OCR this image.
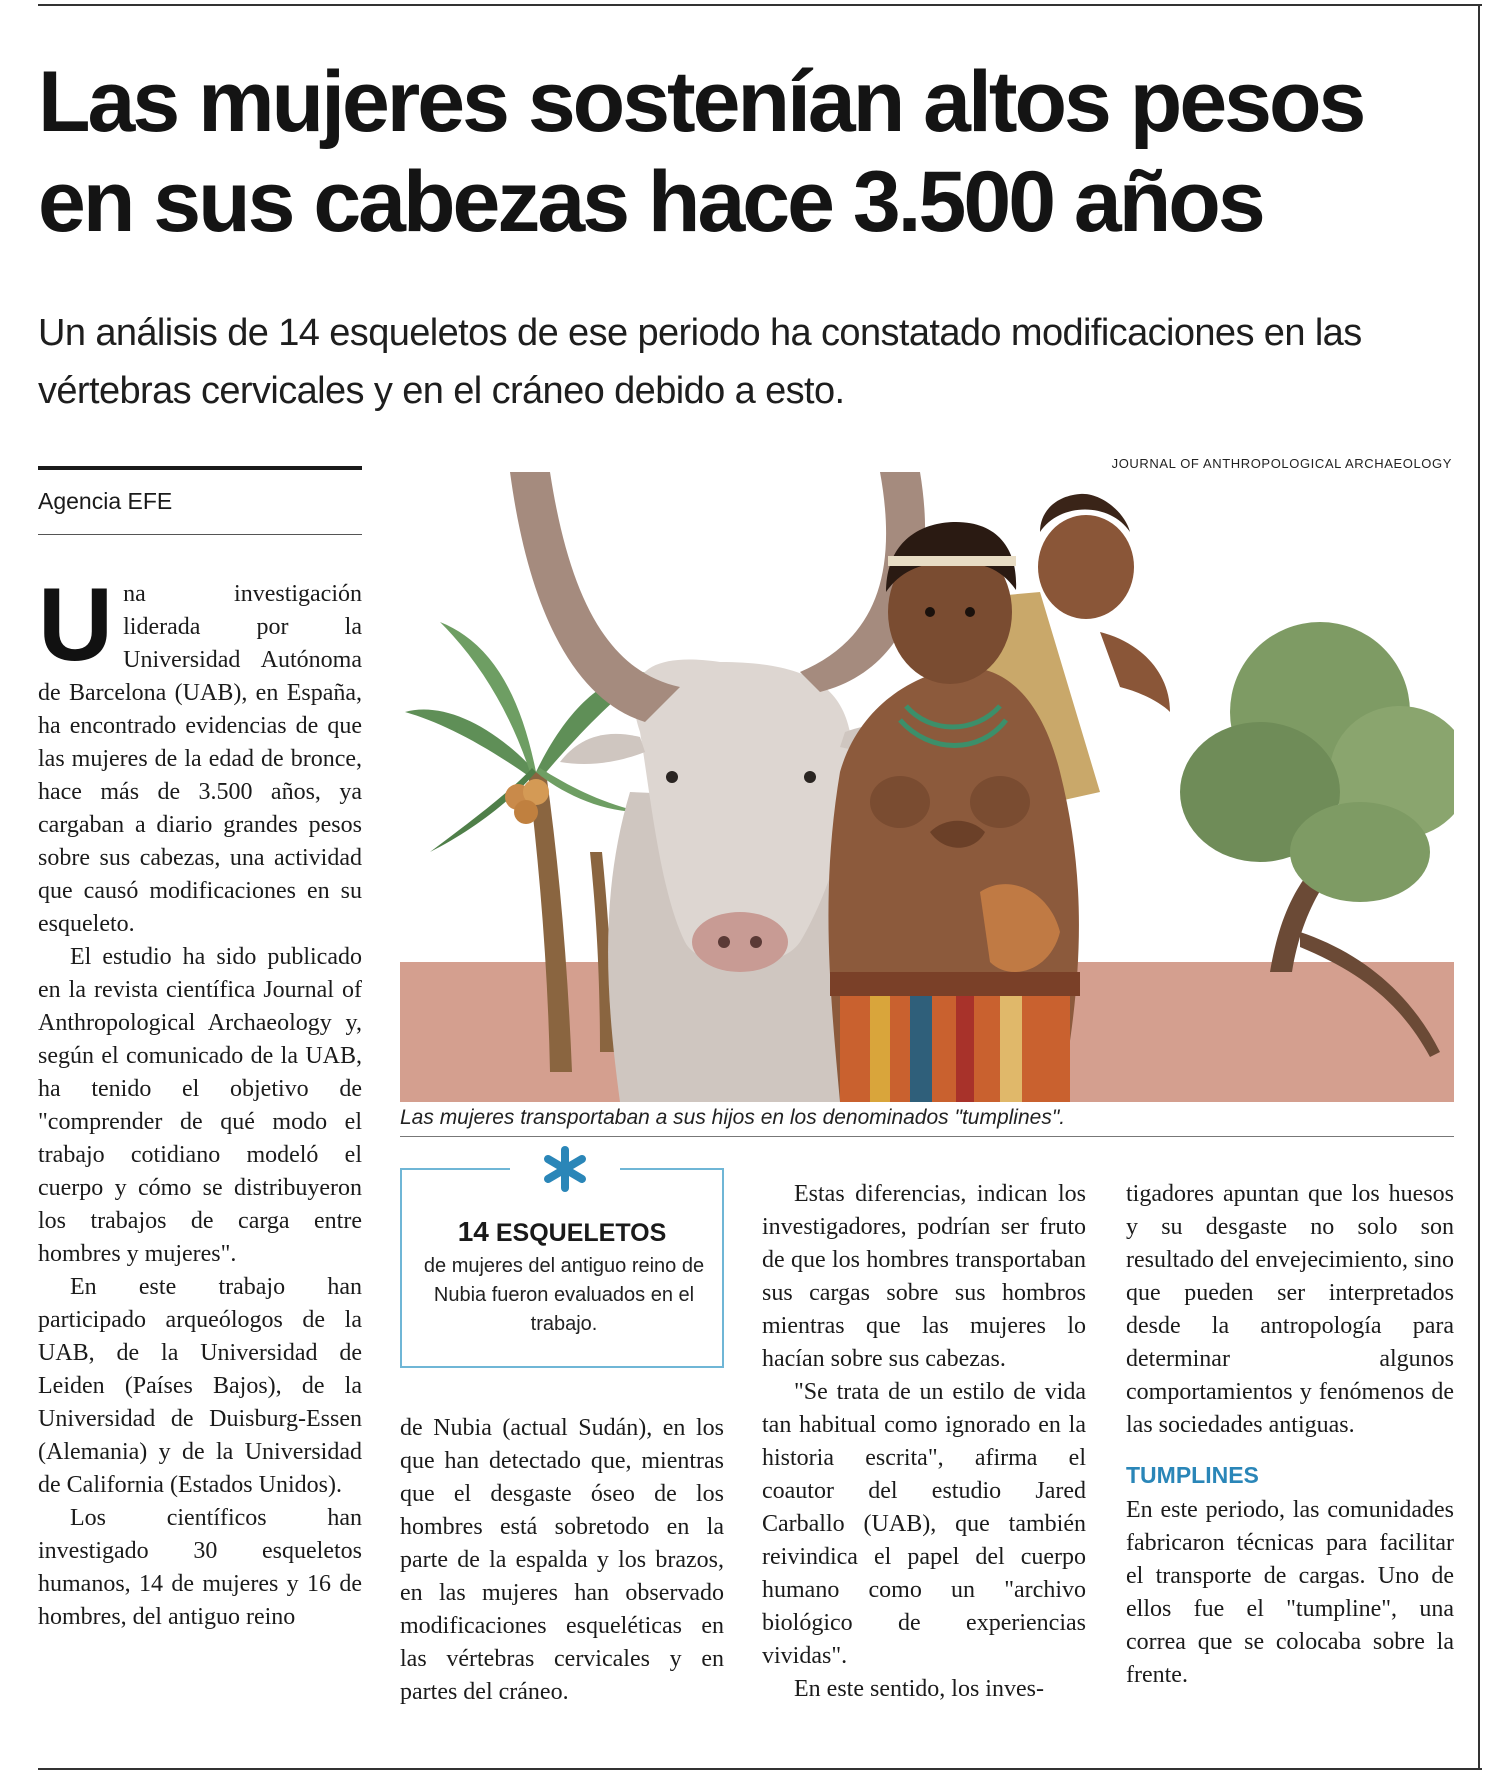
Las mujeres sostenían altos pesos en sus cabezas hace 3.500 años

Un análisis de 14 esqueletos de ese periodo ha constatado modificaciones en las vértebras cervicales y en el cráneo debido a esto.

Agencia EFE
JOURNAL OF ANTHROPOLOGICAL ARCHAEOLOGY
Las mujeres transportaban a sus hijos en los denominados "tumplines".

Una investigación liderada por la Universidad Autónoma de Barcelona (UAB), en España, ha encontrado evidencias de que las mujeres de la edad de bronce, hace más de 3.500 años, ya cargaban a diario grandes pesos sobre sus cabezas, una actividad que causó modificaciones en su esqueleto.

El estudio ha sido publicado en la revista científica Journal of Anthropological Archaeology y, según el comunicado de la UAB, ha tenido el objetivo de "comprender de qué modo el trabajo cotidiano modeló el cuerpo y cómo se distribuyeron los trabajos de carga entre hombres y mujeres".

En este trabajo han participado arqueólogos de la UAB, de la Universidad de Leiden (Países Bajos), de la Universidad de Duisburg-Essen (Alemania) y de la Universidad de California (Estados Unidos).

Los científicos han investigado 30 esqueletos humanos, 14 de mujeres y 16 de hombres, del antiguo reino

14 ESQUELETOS
de mujeres del antiguo reino de Nubia fueron evaluados en el trabajo.

de Nubia (actual Sudán), en los que han detectado que, mientras que el desgaste óseo de los hombres está sobretodo en la parte de la espalda y los brazos, en las mujeres han observado modificaciones esqueléticas en las vértebras cervicales y en partes del cráneo.

Estas diferencias, indican los investigadores, podrían ser fruto de que los hombres transportaban sus cargas sobre sus hombros mientras que las mujeres lo hacían sobre sus cabezas.

"Se trata de un estilo de vida tan habitual como ignorado en la historia escrita", afirma el coautor del estudio Jared Carballo (UAB), que también reivindica el papel del cuerpo humano como un "archivo biológico de experiencias vividas".

En este sentido, los inves-

tigadores apuntan que los huesos y su desgaste no solo son resultado del envejecimiento, sino que pueden ser interpretados desde la antropología para determinar algunos comportamientos y fenómenos de las sociedades antiguas.

TUMPLINES

En este periodo, las comunidades fabricaron técnicas para facilitar el transporte de cargas. Uno de ellos fue el "tumpline", una correa que se colocaba sobre la frente.
